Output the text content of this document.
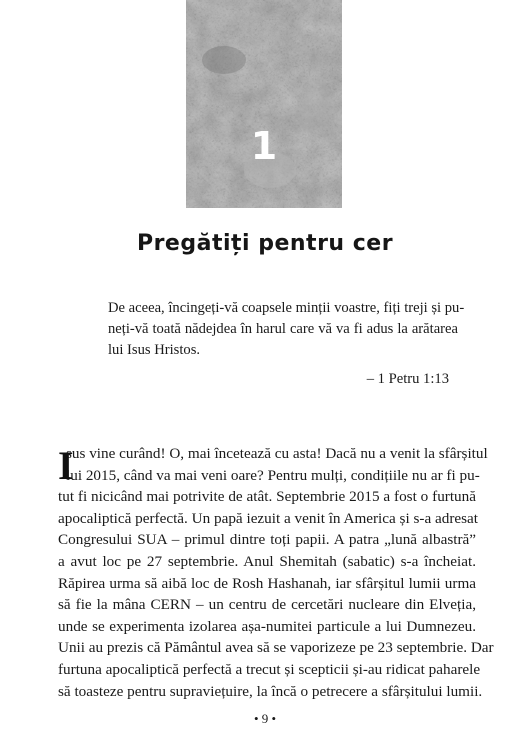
1
Pregătiți pentru cer
De aceea, încingeți-vă coapsele minții voastre, fiți treji și pu-
neți-vă toată nădejdea în harul care vă va fi adus la arătarea
lui Isus Hristos.
– 1 Petru 1:13
I
sus vine curând! O, mai încetează cu asta! Dacă nu a venit la sfârșitul
lui 2015, când va mai veni oare? Pentru mulți, condițiile nu ar fi pu-
tut fi nicicând mai potrivite de atât. Septembrie 2015 a fost o furtună
apocaliptică perfectă. Un papă iezuit a venit în America și s-a adresat
Congresului SUA – primul dintre toți papii. A patra „lună albastră”
a avut loc pe 27 septembrie. Anul Shemitah (sabatic) s-a încheiat.
Răpirea urma să aibă loc de Rosh Hashanah, iar sfârșitul lumii urma
să fie la mâna CERN – un centru de cercetări nucleare din Elveția,
unde se experimenta izolarea așa-numitei particule a lui Dumnezeu.
Unii au prezis că Pământul avea să se vaporizeze pe 23 septembrie. Dar
furtuna apocaliptică perfectă a trecut și scepticii și-au ridicat paharele
să toasteze pentru supraviețuire, la încă o petrecere a sfârșitului lumii.
• 9 •
